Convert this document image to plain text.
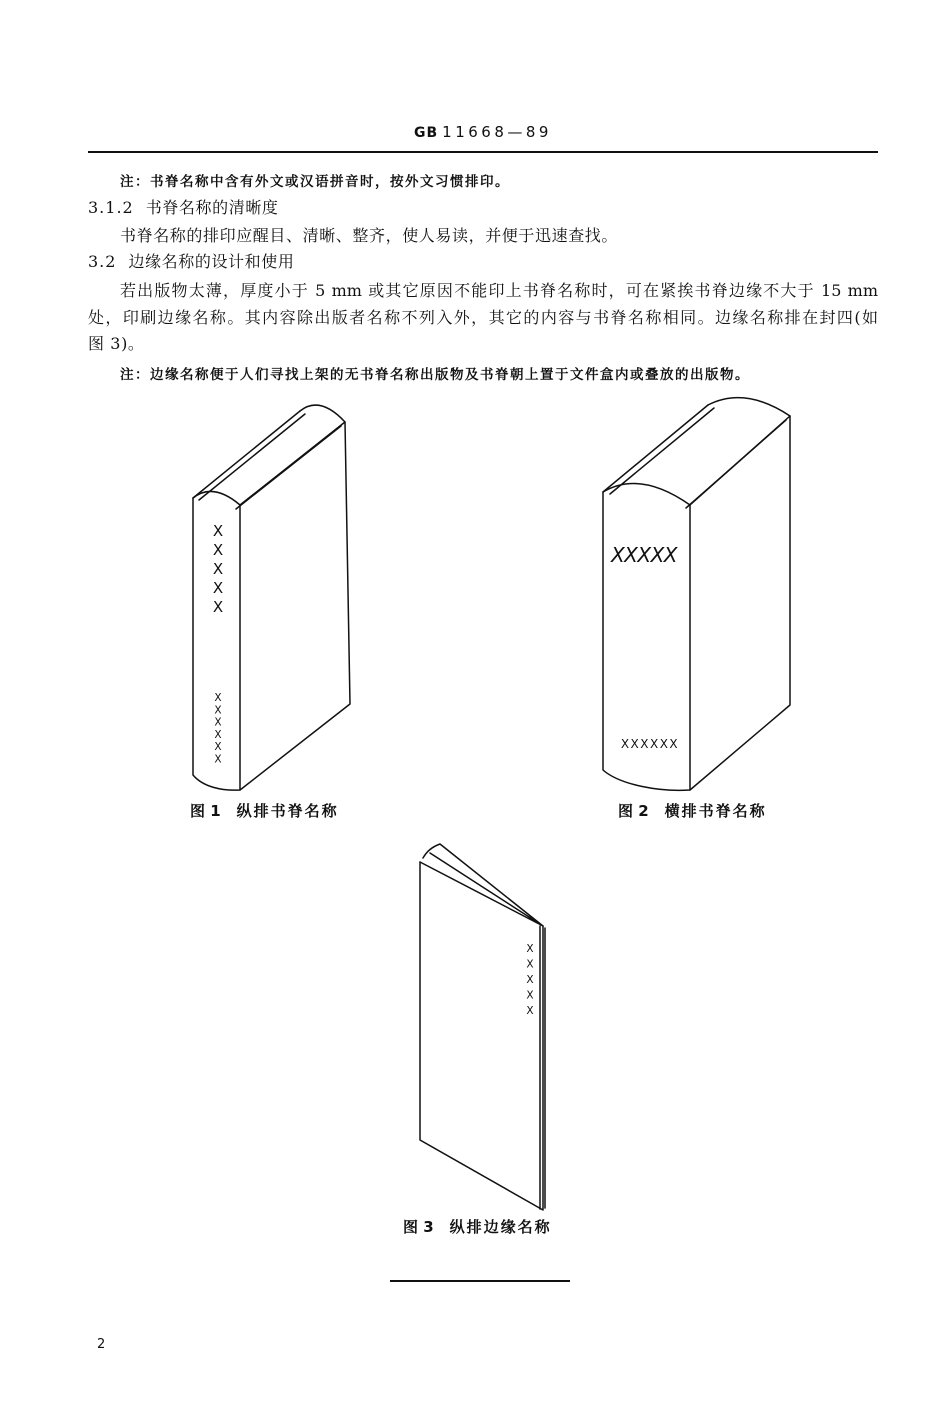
X X X X X
X X X X X X
XXXXX
XXXXXX
X X X X X
GB 11668—89
注：书脊名称中含有外文或汉语拼音时，按外文习惯排印。
3.1.2 书脊名称的清晰度
书脊名称的排印应醒目、清晰、整齐，使人易读，并便于迅速查找。
3.2 边缘名称的设计和使用
若出版物太薄，厚度小于 5 mm 或其它原因不能印上书脊名称时，可在紧挨书脊边缘不大于 15 mm
处，印刷边缘名称。其内容除出版者名称不列入外，其它的内容与书脊名称相同。边缘名称排在封四(如
图 3)。
注：边缘名称便于人们寻找上架的无书脊名称出版物及书脊朝上置于文件盒内或叠放的出版物。
图 1 纵排书脊名称	图 2 横排书脊名称
图 3 纵排边缘名称
2
